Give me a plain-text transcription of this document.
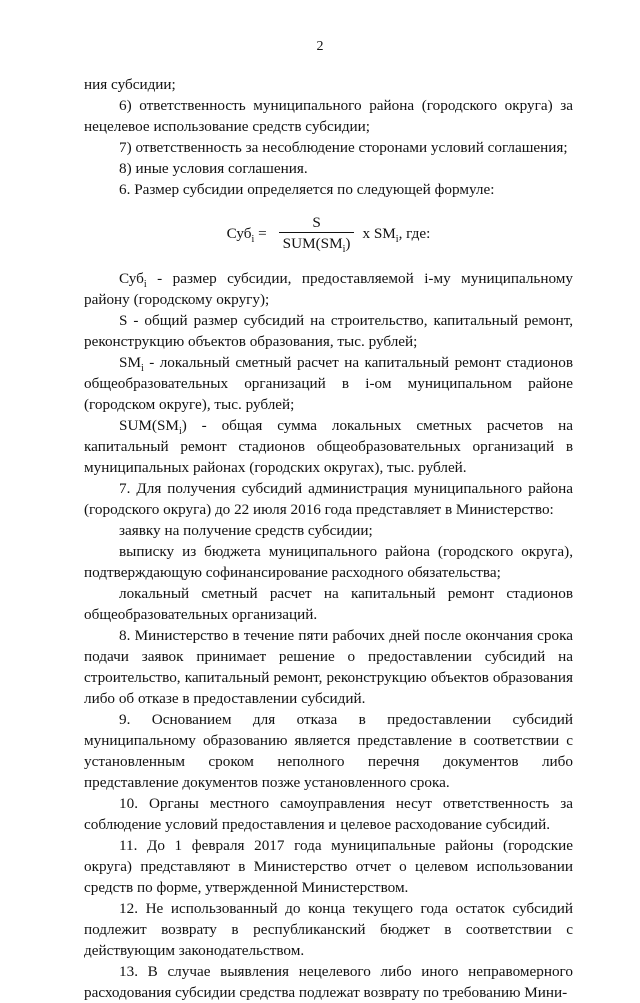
2

ния субсидии;

6) ответственность муниципального района (городского округа) за нецелевое использование средств субсидии;

7) ответственность за несоблюдение сторонами условий соглашения;

8) иные условия соглашения.

6. Размер субсидии определяется по следующей формуле:

$Суб_i = \frac{S}{SUM(SM_i)}$ x $SM_i$, где:

Суб$_i$ - размер субсидии, предоставляемой i-му муниципальному району (городскому округу);

S - общий размер субсидий на строительство, капитальный ремонт, реконструкцию объектов образования, тыс. рублей;

$SM_i$ - локальный сметный расчет на капитальный ремонт стадионов общеобразовательных организаций в i-ом муниципальном районе (городском округе), тыс. рублей;

$SUM(SM_i)$ - общая сумма локальных сметных расчетов на капитальный ремонт стадионов общеобразовательных организаций в муниципальных районах (городских округах), тыс. рублей.

7. Для получения субсидий администрация муниципального района (городского округа) до 22 июля 2016 года представляет в Министерство:

заявку на получение средств субсидии;

выписку из бюджета муниципального района (городского округа), подтверждающую софинансирование расходного обязательства;

локальный сметный расчет на капитальный ремонт стадионов общеобразовательных организаций.

8. Министерство в течение пяти рабочих дней после окончания срока подачи заявок принимает решение о предоставлении субсидий на строительство, капитальный ремонт, реконструкцию объектов образования либо об отказе в предоставлении субсидий.

9. Основанием для отказа в предоставлении субсидий муниципальному образованию является представление в соответствии с установленным сроком неполного перечня документов либо представление документов позже установленного срока.

10. Органы местного самоуправления несут ответственность за соблюдение условий предоставления и целевое расходование субсидий.

11. До 1 февраля 2017 года муниципальные районы (городские округа) представляют в Министерство отчет о целевом использовании средств по форме, утвержденной Министерством.

12. Не использованный до конца текущего года остаток субсидий подлежит возврату в республиканский бюджет в соответствии с действующим законодательством.

13. В случае выявления нецелевого либо иного неправомерного расходования субсидии средства подлежат возврату по требованию Мини-
